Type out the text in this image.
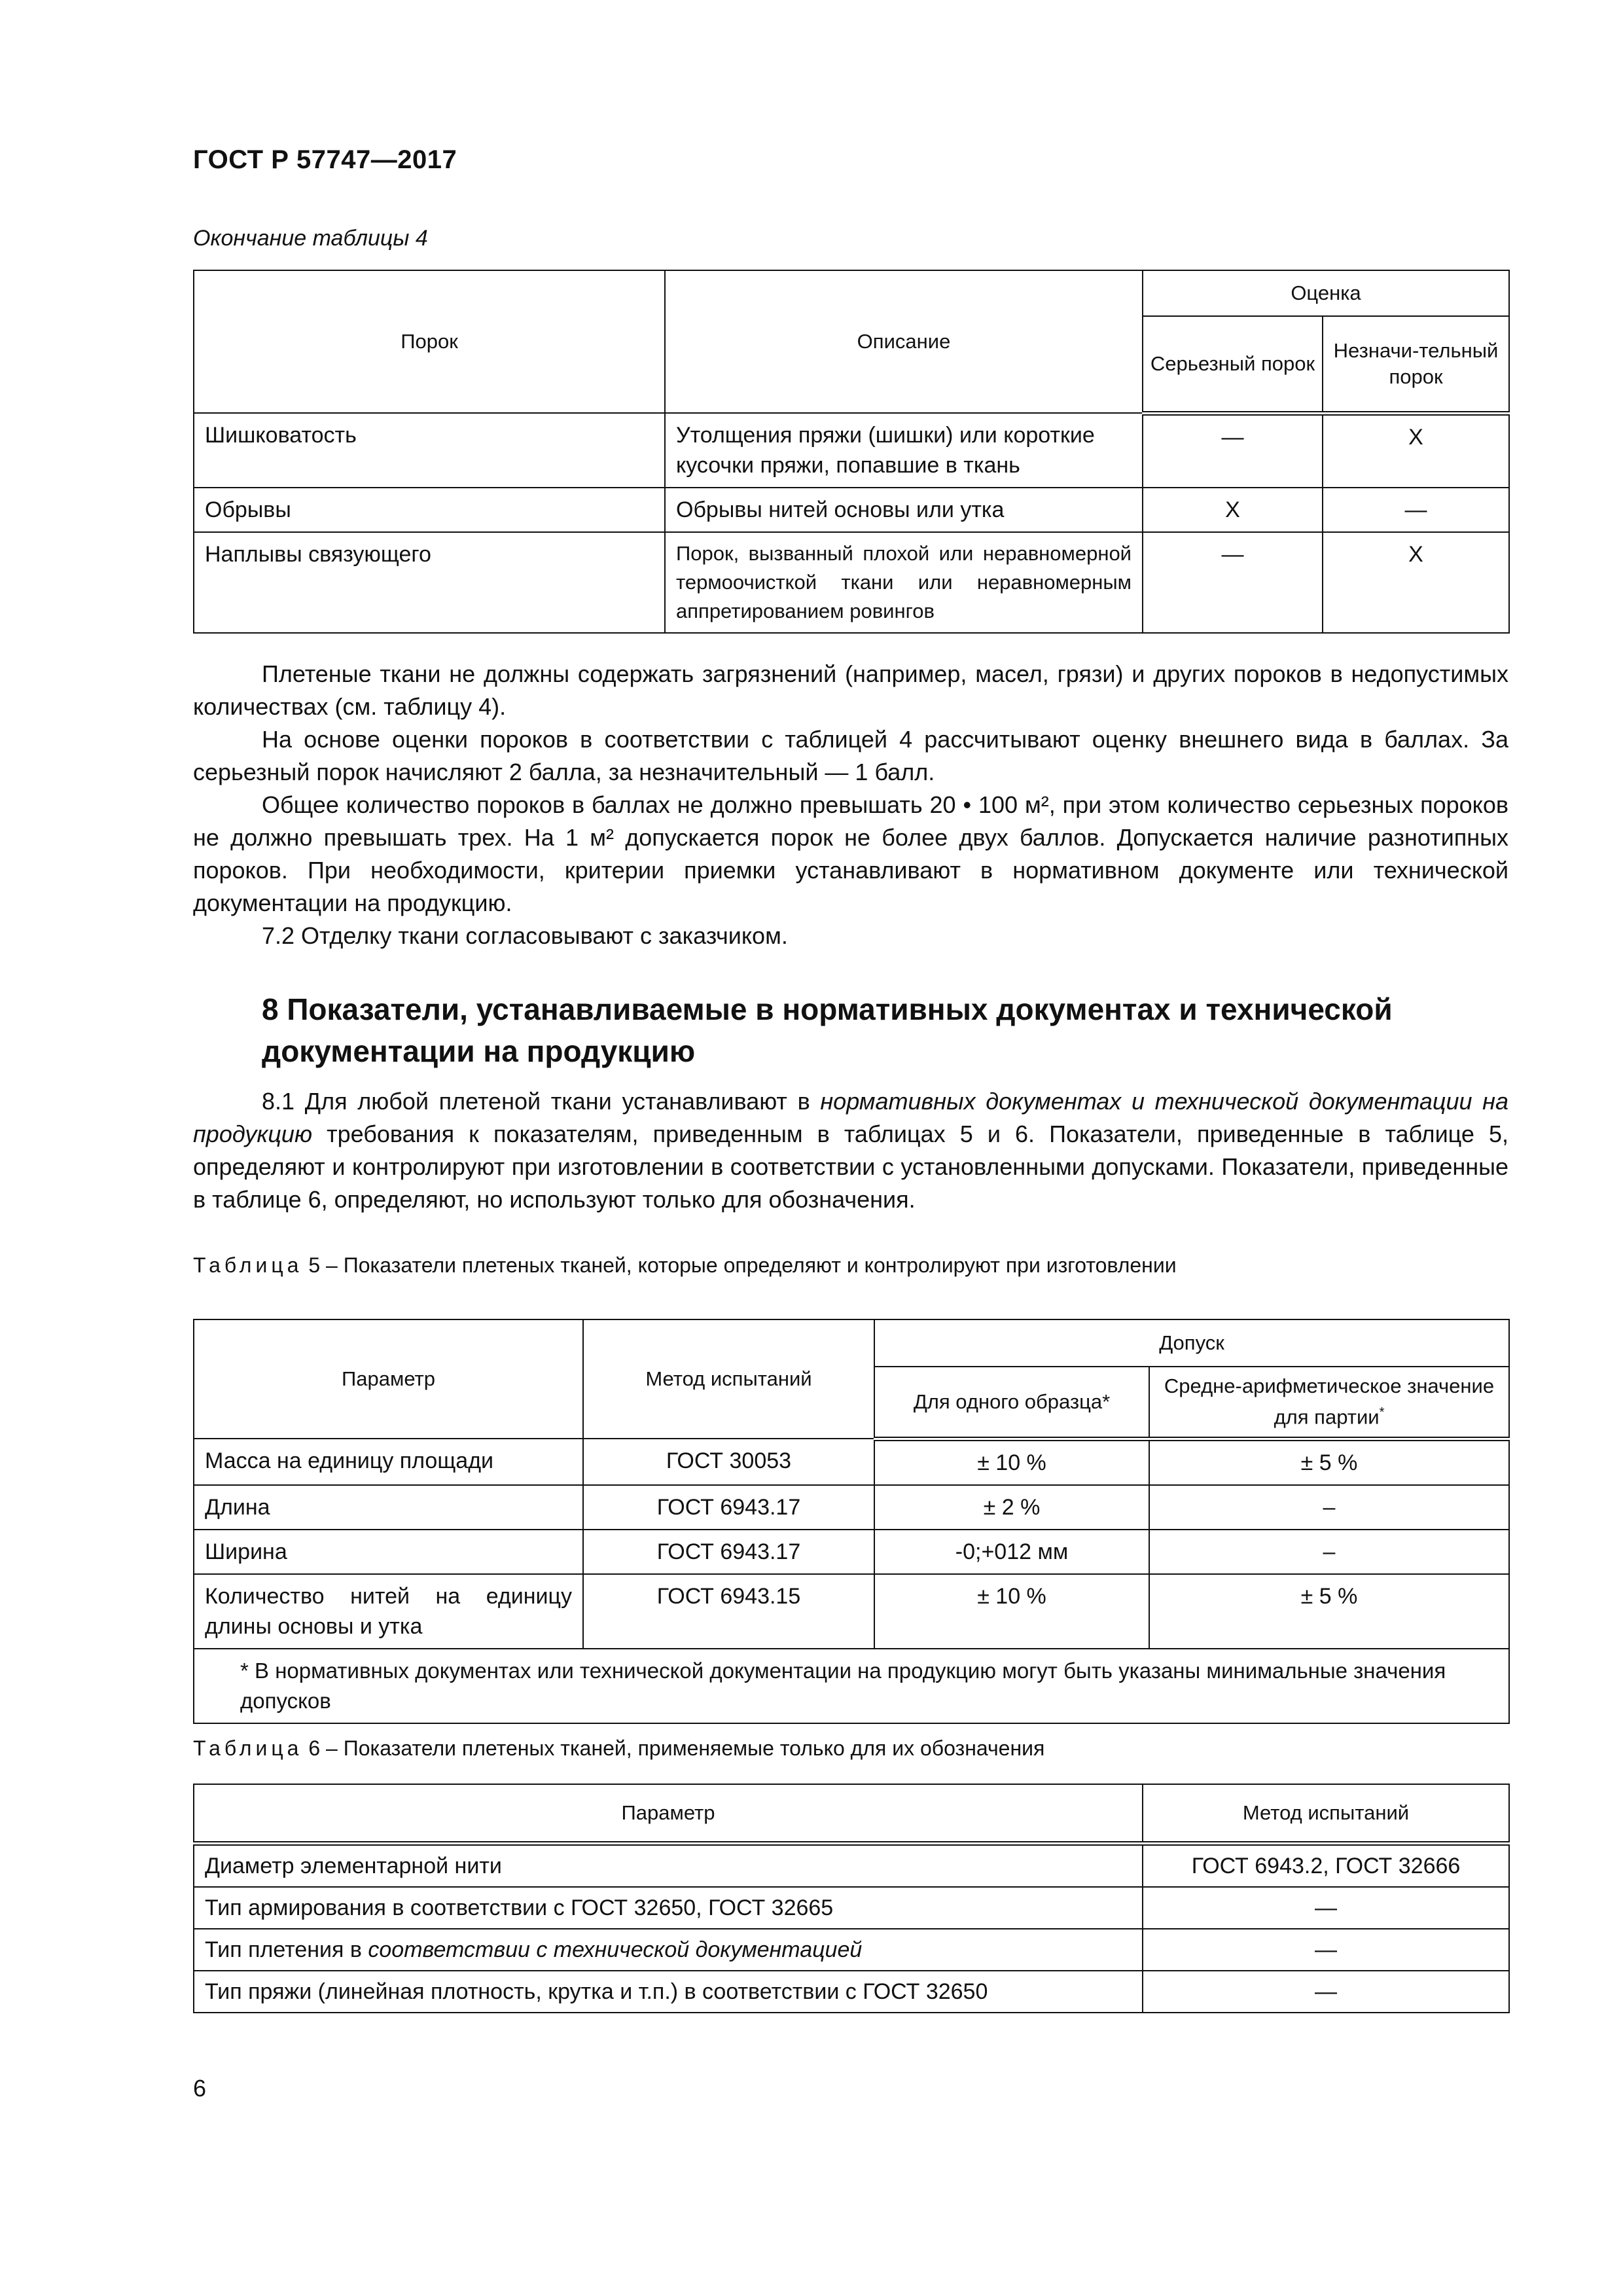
ГОСТ Р 57747—2017
Окончание таблицы 4
Порок	Описание	Оценка	
		Серьезный порок	Незначи-тельный порок
Шишковатость	Утолщения пряжи (шишки) или короткие кусочки пряжи, попавшие в ткань	—	X
Обрывы	Обрывы нитей основы или утка	X	—
Наплывы связующего	Порок, вызванный плохой или неравномерной термоочисткой ткани или неравномерным аппретированием ровингов	—	X

Плетеные ткани не должны содержать загрязнений (например, масел, грязи) и других пороков в недопустимых количествах (см. таблицу 4).

На основе оценки пороков в соответствии с таблицей 4 рассчитывают оценку внешнего вида в баллах. За серьезный порок начисляют 2 балла, за незначительный — 1 балл.

Общее количество пороков в баллах не должно превышать 20 • 100 м², при этом количество серьезных пороков не должно превышать трех. На 1 м² допускается порок не более двух баллов. Допускается наличие разнотипных пороков. При необходимости, критерии приемки устанавливают в нормативном документе или технической документации на продукцию.

7.2 Отделку ткани согласовывают с заказчиком.

8 Показатели, устанавливаемые в нормативных документах и технической документации на продукцию

8.1 Для любой плетеной ткани устанавливают в нормативных документах и технической документации на продукцию требования к показателям, приведенным в таблицах 5 и 6. Показатели, приведенные в таблице 5, определяют и контролируют при изготовлении в соответствии с установленными допусками. Показатели, приведенные в таблице 6, определяют, но используют только для обозначения.

Таблица 5 – Показатели плетеных тканей, которые определяют и контролируют при изготовлении
Параметр	Метод испытаний	Допуск	
		Для одного образца*	Средне-арифметическое значение для партии*
Масса на единицу площади	ГОСТ 30053	± 10 %	± 5 %
Длина	ГОСТ 6943.17	± 2 %	–
Ширина	ГОСТ 6943.17	-0;+012 мм	–
Количество нитей на единицу длины основы и утка	ГОСТ 6943.15	± 10 %	± 5 %
* В нормативных документах или технической документации на продукцию могут быть указаны минимальные значения допусков			
Таблица 6 – Показатели плетеных тканей, применяемые только для их обозначения
Параметр	Метод испытаний
Диаметр элементарной нити	ГОСТ 6943.2, ГОСТ 32666
Тип армирования в соответствии с ГОСТ 32650, ГОСТ 32665	—
Тип плетения в соответствии с технической документацией	—
Тип пряжи (линейная плотность, крутка и т.п.) в соответствии с ГОСТ 32650	—
6
